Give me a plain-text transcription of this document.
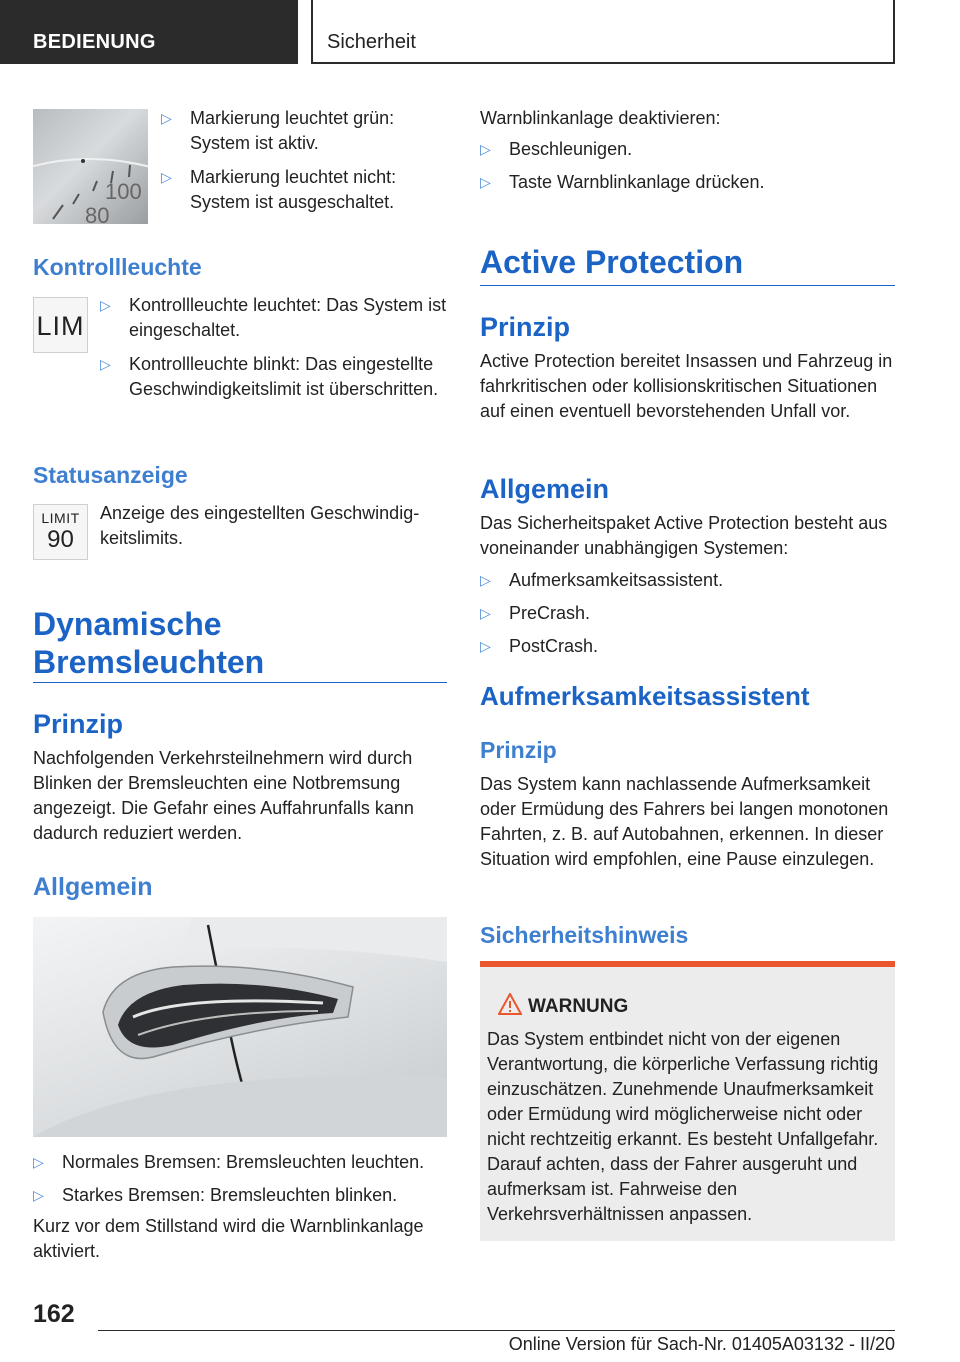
BEDIENUNG	Sicherheit
100
80
▷ Markierung leuchtet grün: System ist aktiv.
▷ Markierung leuchtet nicht: System ist ausgeschaltet.
Kontrollleuchte
LIM
▷ Kontrollleuchte leuchtet: Das System ist eingeschaltet.
▷ Kontrollleuchte blinkt: Das eingestellte Geschwindigkeitslimit ist überschritten.
Statusanzeige
LIMIT
90

Anzeige des eingestellten Geschwindigkeitslimits.

Dynamische Bremsleuchten
Prinzip

Nachfolgenden Verkehrsteilnehmern wird durch Blinken der Bremsleuchten eine Notbremsung angezeigt. Die Gefahr eines Auffahrunfalls kann dadurch reduziert werden.

Allgemein
▷ Normales Bremsen: Bremsleuchten leuchten.
▷ Starkes Bremsen: Bremsleuchten blinken.

Kurz vor dem Stillstand wird die Warnblinkanlage aktiviert.

Warnblinkanlage deaktivieren:

▷ Beschleunigen.
▷ Taste Warnblinkanlage drücken.
Active Protection
Prinzip

Active Protection bereitet Insassen und Fahrzeug in fahrkritischen oder kollisionskritischen Situationen auf einen eventuell bevorstehenden Unfall vor.

Allgemein

Das Sicherheitspaket Active Protection besteht aus voneinander unabhängigen Systemen:

▷ Aufmerksamkeitsassistent.
▷ PreCrash.
▷ PostCrash.
Aufmerksamkeitsassistent
Prinzip

Das System kann nachlassende Aufmerksamkeit oder Ermüdung des Fahrers bei langen monotonen Fahrten, z. B. auf Autobahnen, erkennen. In dieser Situation wird empfohlen, eine Pause einzulegen.

Sicherheitshinweis
WARNUNG

Das System entbindet nicht von der eigenen Verantwortung, die körperliche Verfassung richtig einzuschätzen. Zunehmende Unaufmerksamkeit oder Ermüdung wird möglicherweise nicht oder nicht rechtzeitig erkannt. Es besteht Unfallgefahr. Darauf achten, dass der Fahrer ausgeruht und aufmerksam ist. Fahrweise den Verkehrsverhältnissen anpassen.

162
Online Version für Sach-Nr. 01405A03132 - II/20
